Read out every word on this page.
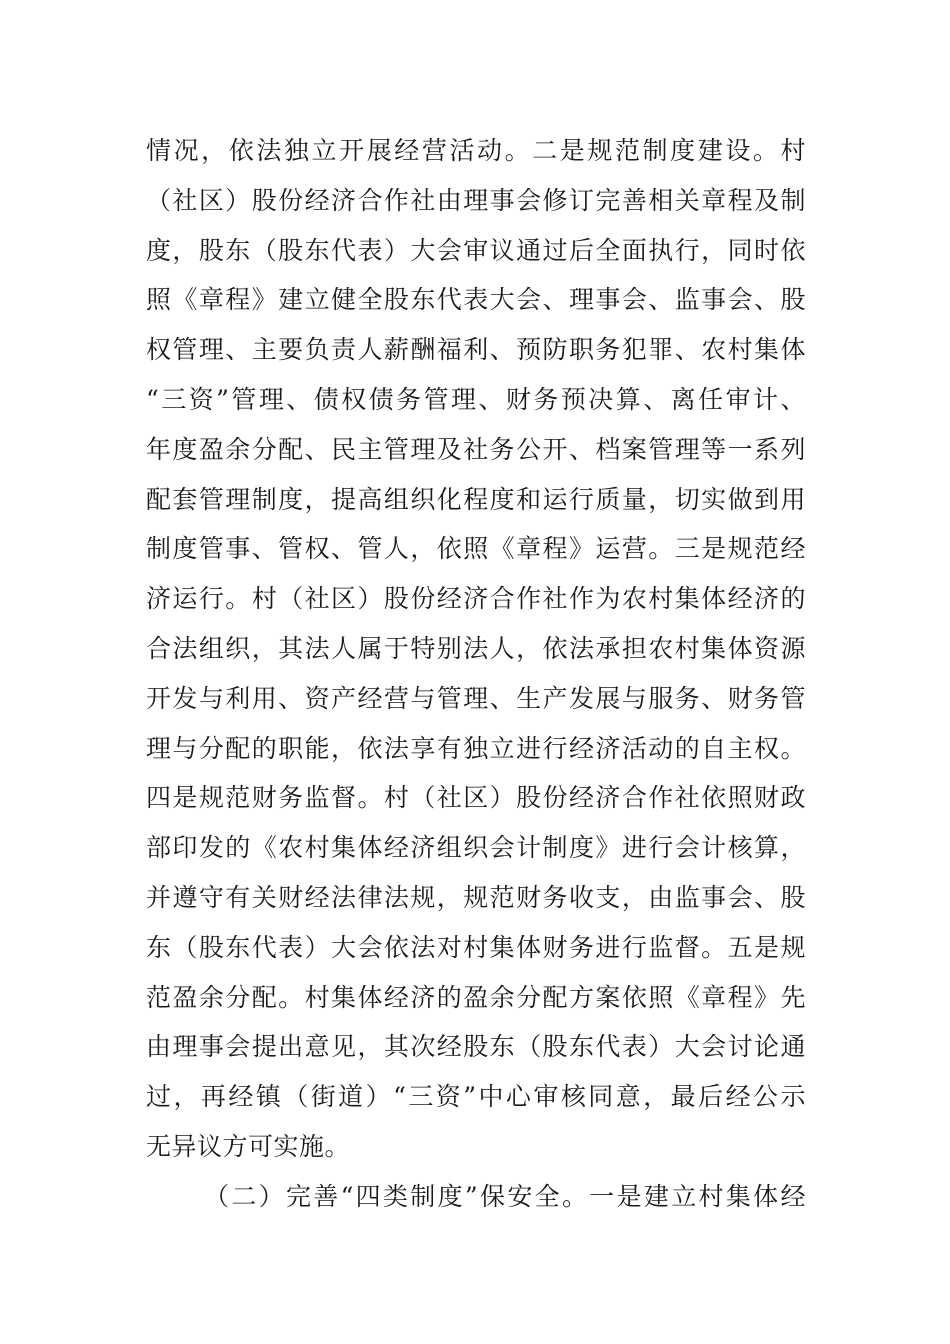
情况，依法独立开展经营活动。二是规范制度建设。村
（社区）股份经济合作社由理事会修订完善相关章程及制
度，股东（股东代表）大会审议通过后全面执行，同时依
照《章程》建立健全股东代表大会、理事会、监事会、股
权管理、主要负责人薪酬福利、预防职务犯罪、农村集体
“三资”管理、债权债务管理、财务预决算、离任审计、
年度盈余分配、民主管理及社务公开、档案管理等一系列
配套管理制度，提高组织化程度和运行质量，切实做到用
制度管事、管权、管人，依照《章程》运营。三是规范经
济运行。村（社区）股份经济合作社作为农村集体经济的
合法组织，其法人属于特别法人，依法承担农村集体资源
开发与利用、资产经营与管理、生产发展与服务、财务管
理与分配的职能，依法享有独立进行经济活动的自主权。
四是规范财务监督。村（社区）股份经济合作社依照财政
部印发的《农村集体经济组织会计制度》进行会计核算，
并遵守有关财经法律法规，规范财务收支，由监事会、股
东（股东代表）大会依法对村集体财务进行监督。五是规
范盈余分配。村集体经济的盈余分配方案依照《章程》先
由理事会提出意见，其次经股东（股东代表）大会讨论通
过，再经镇（街道）“三资”中心审核同意，最后经公示
无异议方可实施。
（二）完善“四类制度”保安全。一是建立村集体经
